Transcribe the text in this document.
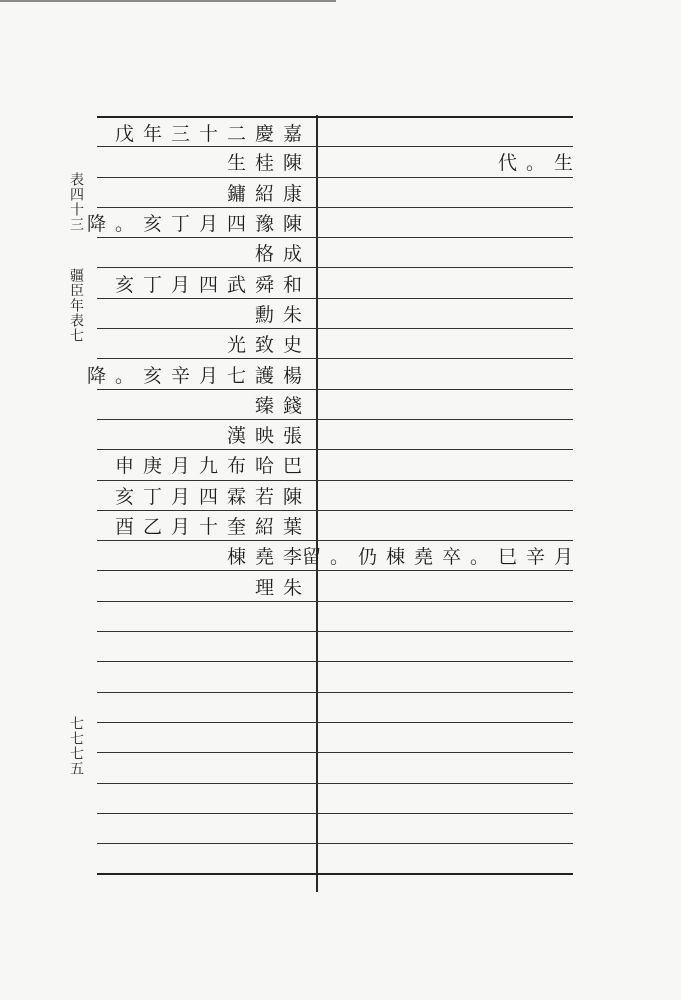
表四十三
疆臣年表七
七七七五
戊年三十二慶嘉
生桂陳	代。生
鏞紹康
降。亥丁月四豫陳
格成
亥丁月四武舜和
勳朱
光致史
降。亥辛月七護楊
臻錢
漢映張
申庚月九布哈巴
亥丁月四霖若陳
酉乙月十奎紹葉
棟堯李
留。仍棟堯卒。巳辛月
理朱
